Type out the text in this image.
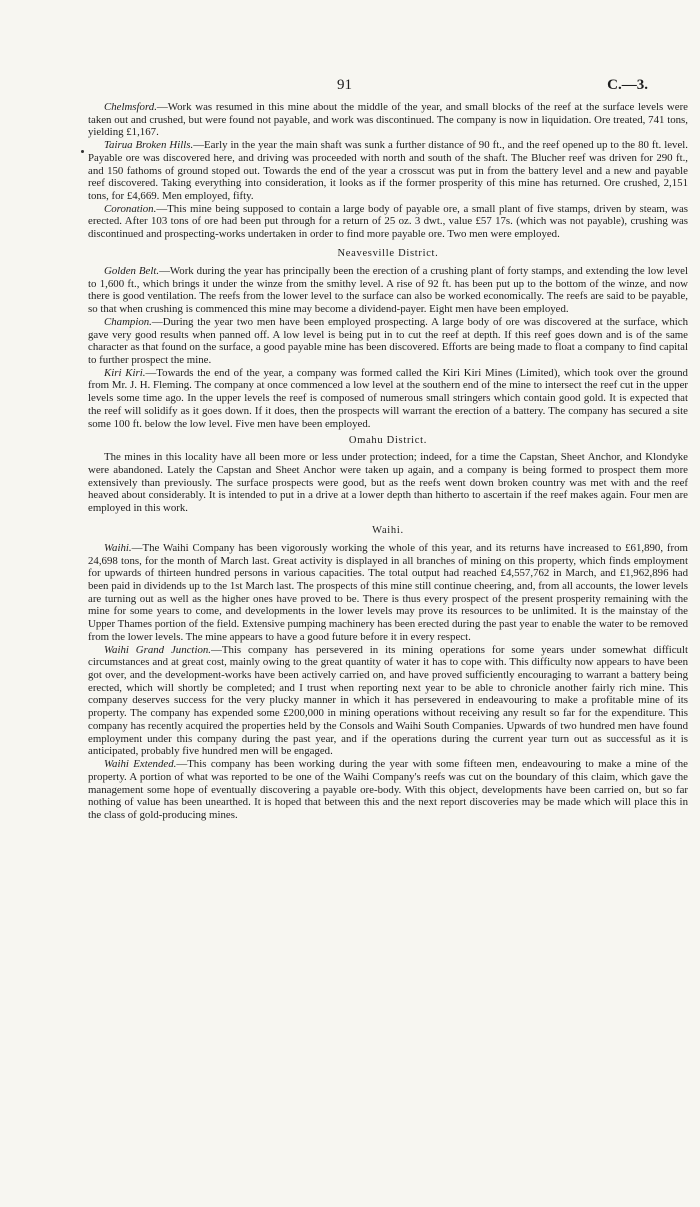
91	C.—3.

Chelmsford.—Work was resumed in this mine about the middle of the year, and small blocks of the reef at the surface levels were taken out and crushed, but were found not payable, and work was discontinued. The company is now in liquidation. Ore treated, 741 tons, yielding £1,167.

Tairua Broken Hills.—Early in the year the main shaft was sunk a further distance of 90 ft., and the reef opened up to the 80 ft. level. Payable ore was discovered here, and driving was proceeded with north and south of the shaft. The Blucher reef was driven for 290 ft., and 150 fathoms of ground stoped out. Towards the end of the year a crosscut was put in from the battery level and a new and payable reef discovered. Taking everything into consideration, it looks as if the former prosperity of this mine has returned. Ore crushed, 2,151 tons, for £4,669. Men employed, fifty.

Coronation.—This mine being supposed to contain a large body of payable ore, a small plant of five stamps, driven by steam, was erected. After 103 tons of ore had been put through for a return of 25 oz. 3 dwt., value £57 17s. (which was not payable), crushing was discontinued and prospecting-works undertaken in order to find more payable ore. Two men were employed.

Neavesville District.

Golden Belt.—Work during the year has principally been the erection of a crushing plant of forty stamps, and extending the low level to 1,600 ft., which brings it under the winze from the smithy level. A rise of 92 ft. has been put up to the bottom of the winze, and now there is good ventilation. The reefs from the lower level to the surface can also be worked economically. The reefs are said to be payable, so that when crushing is commenced this mine may become a dividend-payer. Eight men have been employed.

Champion.—During the year two men have been employed prospecting. A large body of ore was discovered at the surface, which gave very good results when panned off. A low level is being put in to cut the reef at depth. If this reef goes down and is of the same character as that found on the surface, a good payable mine has been discovered. Efforts are being made to float a company to find capital to further prospect the mine.

Kiri Kiri.—Towards the end of the year, a company was formed called the Kiri Kiri Mines (Limited), which took over the ground from Mr. J. H. Fleming. The company at once commenced a low level at the southern end of the mine to intersect the reef cut in the upper levels some time ago. In the upper levels the reef is composed of numerous small stringers which contain good gold. It is expected that the reef will solidify as it goes down. If it does, then the prospects will warrant the erection of a battery. The company has secured a site some 100 ft. below the low level. Five men have been employed.

Omahu District.

The mines in this locality have all been more or less under protection; indeed, for a time the Capstan, Sheet Anchor, and Klondyke were abandoned. Lately the Capstan and Sheet Anchor were taken up again, and a company is being formed to prospect them more extensively than previously. The surface prospects were good, but as the reefs went down broken country was met with and the reef heaved about considerably. It is intended to put in a drive at a lower depth than hitherto to ascertain if the reef makes again. Four men are employed in this work.

Waihi.

Waihi.—The Waihi Company has been vigorously working the whole of this year, and its returns have increased to £61,890, from 24,698 tons, for the month of March last. Great activity is displayed in all branches of mining on this property, which finds employment for upwards of thirteen hundred persons in various capacities. The total output had reached £4,557,762 in March, and £1,962,896 had been paid in dividends up to the 1st March last. The prospects of this mine still continue cheering, and, from all accounts, the lower levels are turning out as well as the higher ones have proved to be. There is thus every prospect of the present prosperity remaining with the mine for some years to come, and developments in the lower levels may prove its resources to be unlimited. It is the mainstay of the Upper Thames portion of the field. Extensive pumping machinery has been erected during the past year to enable the water to be removed from the lower levels. The mine appears to have a good future before it in every respect.

Waihi Grand Junction.—This company has persevered in its mining operations for some years under somewhat difficult circumstances and at great cost, mainly owing to the great quantity of water it has to cope with. This difficulty now appears to have been got over, and the development-works have been actively carried on, and have proved sufficiently encouraging to warrant a battery being erected, which will shortly be completed; and I trust when reporting next year to be able to chronicle another fairly rich mine. This company deserves success for the very plucky manner in which it has persevered in endeavouring to make a profitable mine of its property. The company has expended some £200,000 in mining operations without receiving any result so far for the expenditure. This company has recently acquired the properties held by the Consols and Waihi South Companies. Upwards of two hundred men have found employment under this company during the past year, and if the operations during the current year turn out as successful as it is anticipated, probably five hundred men will be engaged.

Waihi Extended.—This company has been working during the year with some fifteen men, endeavouring to make a mine of the property. A portion of what was reported to be one of the Waihi Company's reefs was cut on the boundary of this claim, which gave the management some hope of eventually discovering a payable ore-body. With this object, developments have been carried on, but so far nothing of value has been unearthed. It is hoped that between this and the next report discoveries may be made which will place this in the class of gold-producing mines.
